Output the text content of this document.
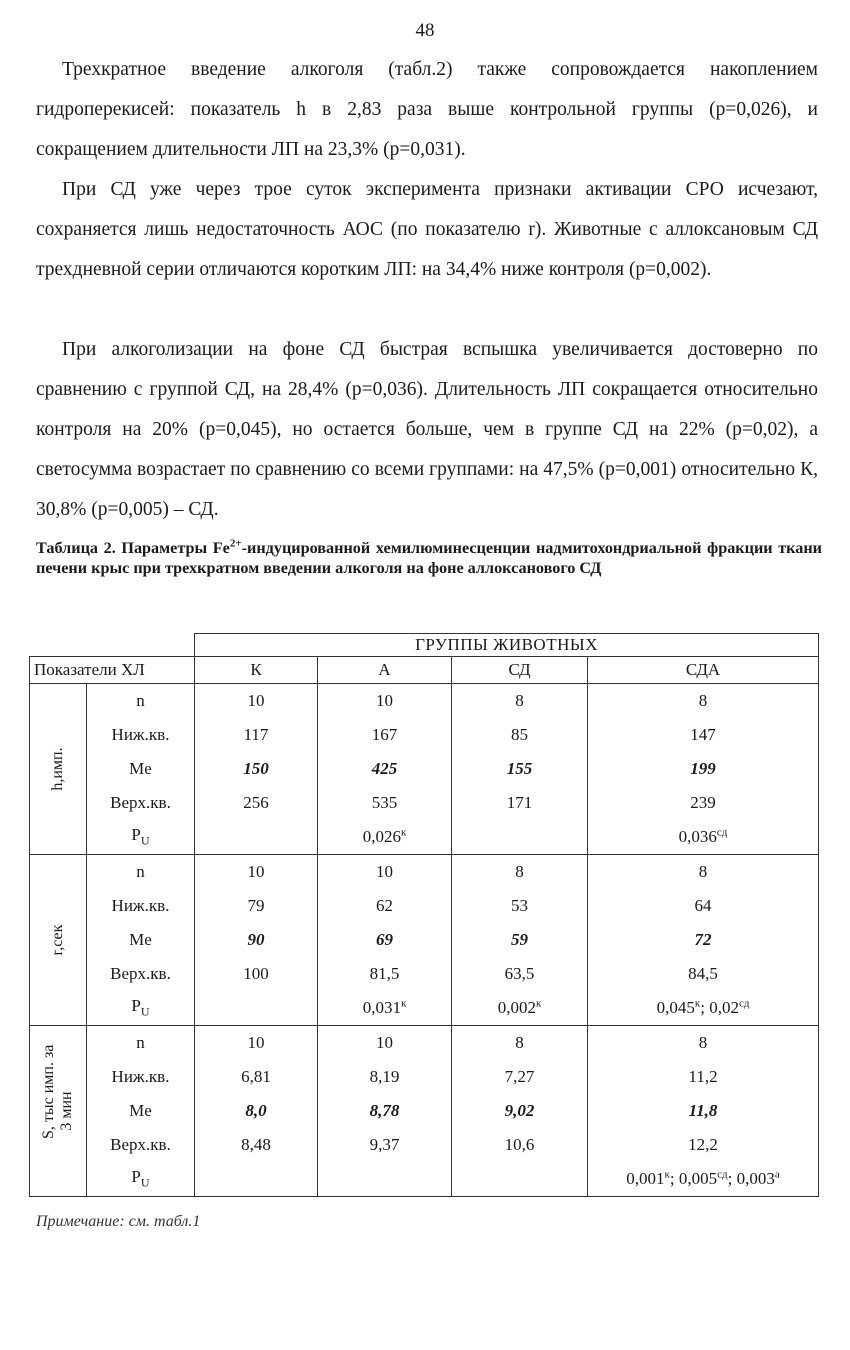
48

Трехкратное введение алкоголя (табл.2) также сопровождается накоплением гидроперекисей: показатель h в 2,83 раза выше контрольной группы (р=0,026), и сокращением длительности ЛП на 23,3% (р=0,031).

При СД уже через трое суток эксперимента признаки активации СРО исчезают, сохраняется лишь недостаточность АОС (по показателю r). Животные с аллоксановым СД трехдневной серии отличаются коротким ЛП: на 34,4% ниже контроля (р=0,002).

При алкоголизации на фоне СД быстрая вспышка увеличивается достоверно по сравнению с группой СД, на 28,4% (р=0,036). Длительность ЛП сокращается относительно контроля на 20% (р=0,045), но остается больше, чем в группе СД на 22% (р=0,02), а светосумма возрастает по сравнению со всеми группами: на 47,5% (р=0,001) относительно К, 30,8% (р=0,005) – СД.

Таблица 2. Параметры $Fe^{2+}$-индуцированной хемилюминесценции надмитохондриальной фракции ткани печени крыс при трехкратном введении алкоголя на фоне аллоксанового СД

		ГРУППЫ ЖИВОТНЫХ			
Показатели ХЛ		К	А	СД	СДА

h,имп.	n	10	10	8	8
	Ниж.кв.	117	167	85	147
	Me	150	425	155	199
	Верх.кв.	256	535	171	239
	$P_U$		$0,026^к$		$0,036^{сд}$

r,сек	n	10	10	8	8
	Ниж.кв.	79	62	53	64
	Me	90	69	59	72
	Верх.кв.	100	81,5	63,5	84,5
	$P_U$		$0,031^к$	$0,002^к$	$0,045^к$; $0,02^{сд}$

S, тыс имп. за
3 мин	n	10	10	8	8
	Ниж.кв.	6,81	8,19	7,27	11,2
	Me	8,0	8,78	9,02	11,8
	Верх.кв.	8,48	9,37	10,6	12,2
	$P_U$				$0,001^к$; $0,005^{сд}$; $0,003^а$
Примечание: см. табл.1
